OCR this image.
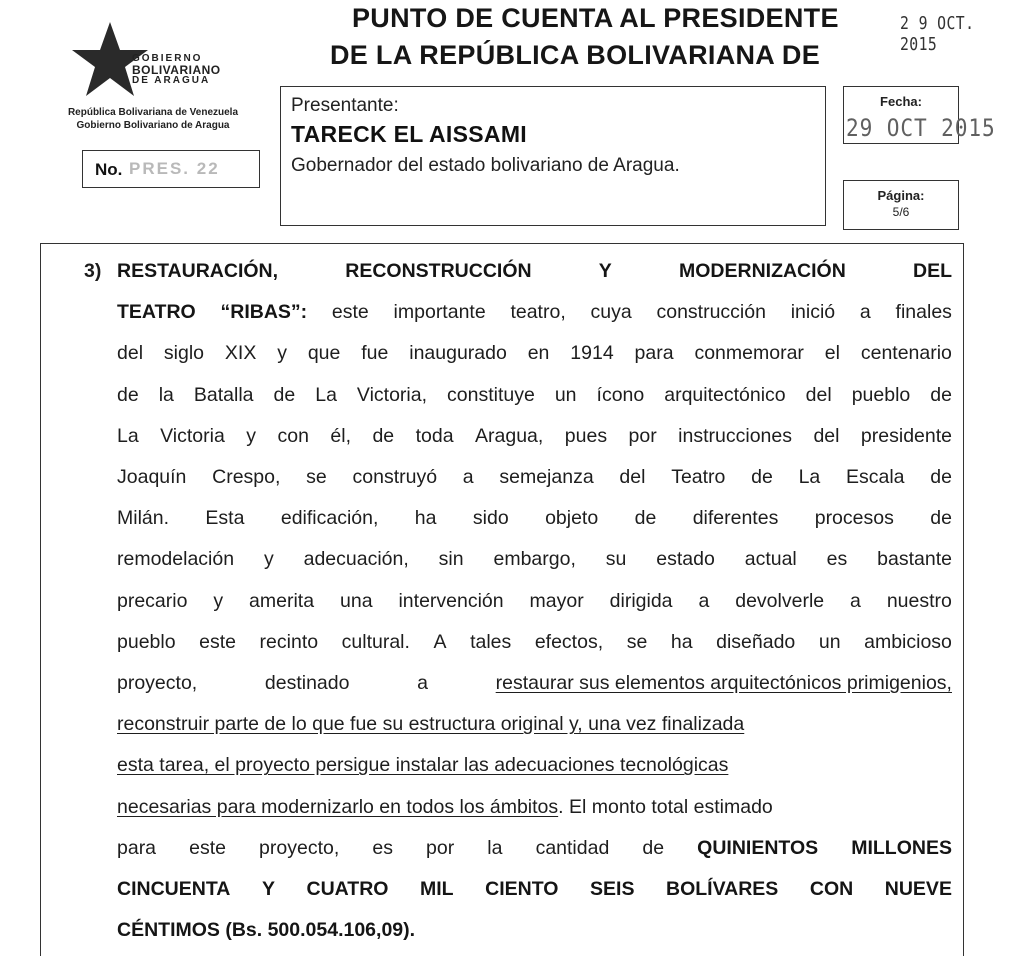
GOBIERNO
BOLIVARIANO
DE ARAGUA
República Bolivariana de Venezuela
Gobierno Bolivariano de Aragua
PUNTO DE CUENTA AL PRESIDENTE	2 9 OCT. 2015
DE LA REPÚBLICA BOLIVARIANA DE
No. PRES. 22
Presentante:
TARECK EL AISSAMI
Gobernador del estado bolivariano de Aragua.
Fecha:
29 OCT 2015
Página:
5/6
3) RESTAURACIÓN,	RECONSTRUCCIÓN	Y	MODERNIZACIÓN	DEL
TEATRO “RIBAS”: este importante teatro, cuya construcción inició a finales
del siglo XIX y que fue inaugurado en 1914 para conmemorar el centenario
de la Batalla de La Victoria, constituye un ícono arquitectónico del pueblo de
La Victoria y con él, de toda Aragua, pues por instrucciones del presidente
Joaquín Crespo, se construyó a semejanza del Teatro de La Escala de
Milán. Esta edificación, ha sido objeto de diferentes procesos de
remodelación y adecuación, sin embargo, su estado actual es bastante
precario y amerita una intervención mayor dirigida a devolverle a nuestro
pueblo este recinto cultural. A tales efectos, se ha diseñado un ambicioso
proyecto,	destinado	a	restaurar sus elementos arquitectónicos primigenios,
reconstruir parte de lo que fue su estructura original y, una vez finalizada
esta tarea, el proyecto persigue instalar las adecuaciones tecnológicas
necesarias para modernizarlo en todos los ámbitos . El monto total estimado
para este proyecto, es por la cantidad de QUINIENTOS MILLONES
CINCUENTA Y CUATRO MIL CIENTO SEIS BOLÍVARES CON NUEVE
CÉNTIMOS (Bs. 500.054.106,09).
